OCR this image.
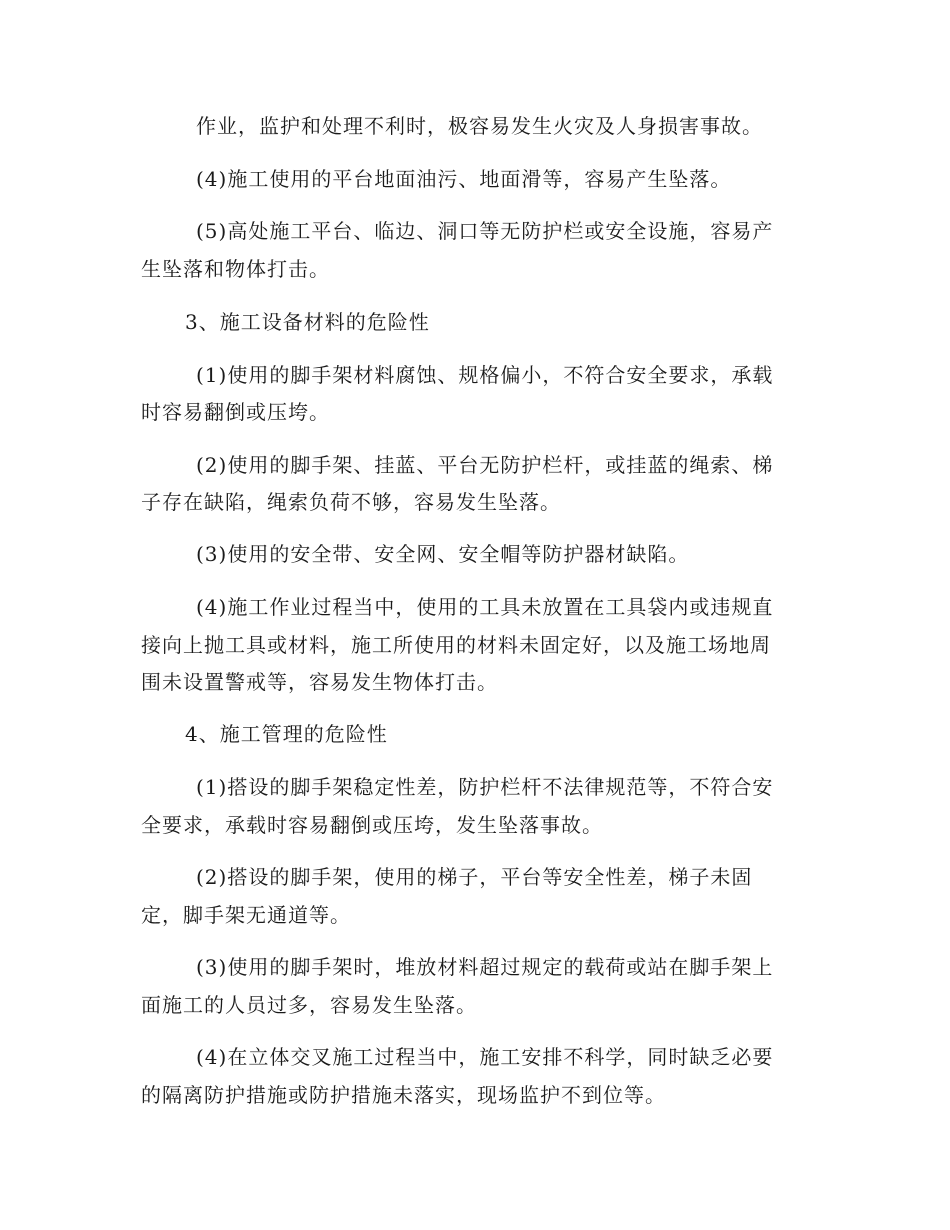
作业，监护和处理不利时，极容易发生火灾及人身损害事故。
(4)施工使用的平台地面油污、地面滑等，容易产生坠落。
(5)高处施工平台、临边、洞口等无防护栏或安全设施，容易产
生坠落和物体打击。
3、施工设备材料的危险性
(1)使用的脚手架材料腐蚀、规格偏小，不符合安全要求，承载
时容易翻倒或压垮。
(2)使用的脚手架、挂蓝、平台无防护栏杆，或挂蓝的绳索、梯
子存在缺陷，绳索负荷不够，容易发生坠落。
(3)使用的安全带、安全网、安全帽等防护器材缺陷。
(4)施工作业过程当中，使用的工具未放置在工具袋内或违规直
接向上抛工具或材料，施工所使用的材料未固定好，以及施工场地周
围未设置警戒等，容易发生物体打击。
4、施工管理的危险性
(1)搭设的脚手架稳定性差，防护栏杆不法律规范等，不符合安
全要求，承载时容易翻倒或压垮，发生坠落事故。
(2)搭设的脚手架，使用的梯子，平台等安全性差，梯子未固
定，脚手架无通道等。
(3)使用的脚手架时，堆放材料超过规定的载荷或站在脚手架上
面施工的人员过多，容易发生坠落。
(4)在立体交叉施工过程当中，施工安排不科学，同时缺乏必要
的隔离防护措施或防护措施未落实，现场监护不到位等。
